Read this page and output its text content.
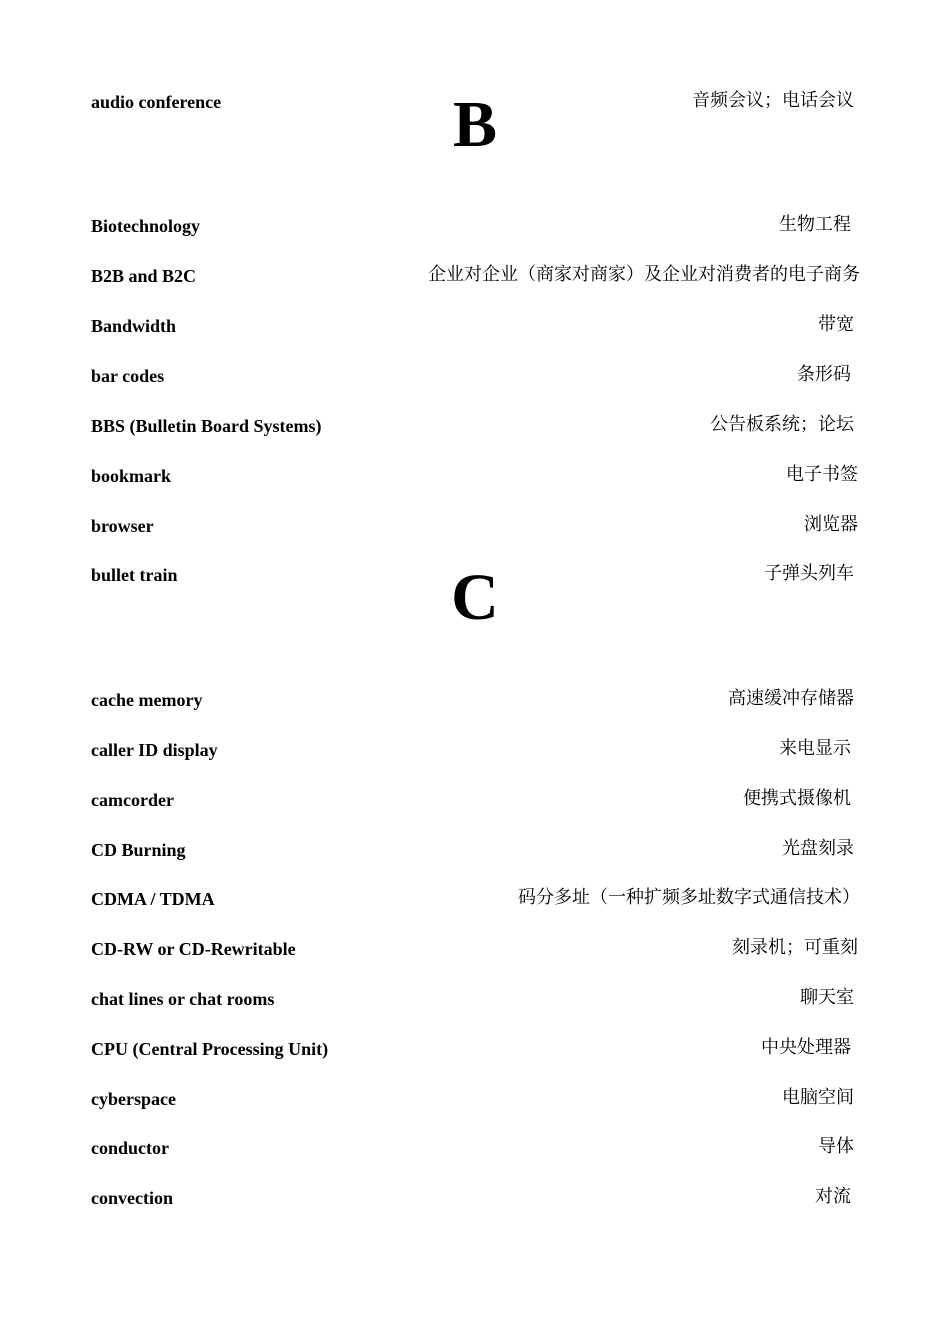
B
C
audio conference	音频会议；电话会议
Biotechnology	生物工程
B2B and B2C	企业对企业（商家对商家）及企业对消费者的电子商务
Bandwidth	带宽
bar codes	条形码
BBS (Bulletin Board Systems)	公告板系统；论坛
bookmark	电子书签
browser	浏览器
bullet train	子弹头列车
cache memory	高速缓冲存储器
caller ID display	来电显示
camcorder	便携式摄像机
CD Burning	光盘刻录
CDMA / TDMA	码分多址（一种扩频多址数字式通信技术）
CD-RW or CD-Rewritable	刻录机；可重刻
chat lines or chat rooms	聊天室
CPU (Central Processing Unit)	中央处理器
cyberspace	电脑空间
conductor	导体
convection	对流
